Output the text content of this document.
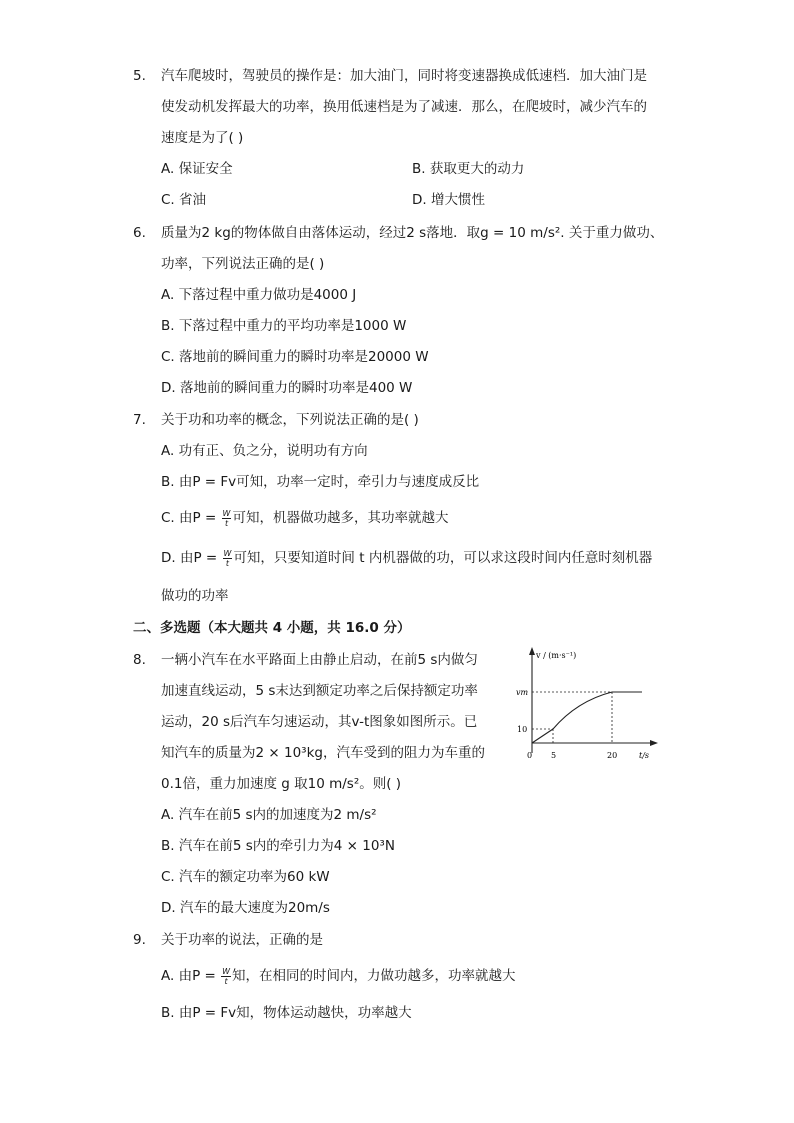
5. 汽车爬坡时，驾驶员的操作是：加大油门，同时将变速器换成低速档．加大油门是
使发动机发挥最大的功率，换用低速档是为了减速．那么，在爬坡时，减少汽车的
速度是为了( )
A. 保证安全	B. 获取更大的动力
C. 省油	D. 增大惯性
6. 质量为2 kg的物体做自由落体运动，经过2 s落地．取g = 10 m/s². 关于重力做功、
功率，下列说法正确的是( )
A. 下落过程中重力做功是4000 J
B. 下落过程中重力的平均功率是1000 W
C. 落地前的瞬间重力的瞬时功率是20000 W
D. 落地前的瞬间重力的瞬时功率是400 W
7. 关于功和功率的概念，下列说法正确的是( )
A. 功有正、负之分，说明功有方向
B. 由P = Fv可知，功率一定时，牵引力与速度成反比
C. 由$P = \frac{W}{t}$ 可知，机器做功越多，其功率就越大
D. 由$P = \frac{W}{t}$ 可知，只要知道时间 t 内机器做的功，可以求这段时间内任意时刻机器
做功的功率
二、多选题（本大题共 4 小题，共 16.0 分）
8. 一辆小汽车在水平路面上由静止启动，在前5 s内做匀
加速直线运动，5 s末达到额定功率之后保持额定功率
运动，20 s后汽车匀速运动，其v-t图象如图所示。已
知汽车的质量为2 × 10³kg，汽车受到的阻力为车重的
0.1倍，重力加速度 g 取10 m/s²。则( )
A. 汽车在前5 s内的加速度为2 m/s²
B. 汽车在前5 s内的牵引力为4 × 10³N
C. 汽车的额定功率为60 kW
D. 汽车的最大速度为20m/s
v / (m·s⁻¹)
vm
10
0 5	20	t/s
9. 关于功率的说法，正确的是
A. 由$P = \frac{W}{t}$ 知，在相同的时间内，力做功越多，功率就越大
B. 由P = Fv知，物体运动越快，功率越大
